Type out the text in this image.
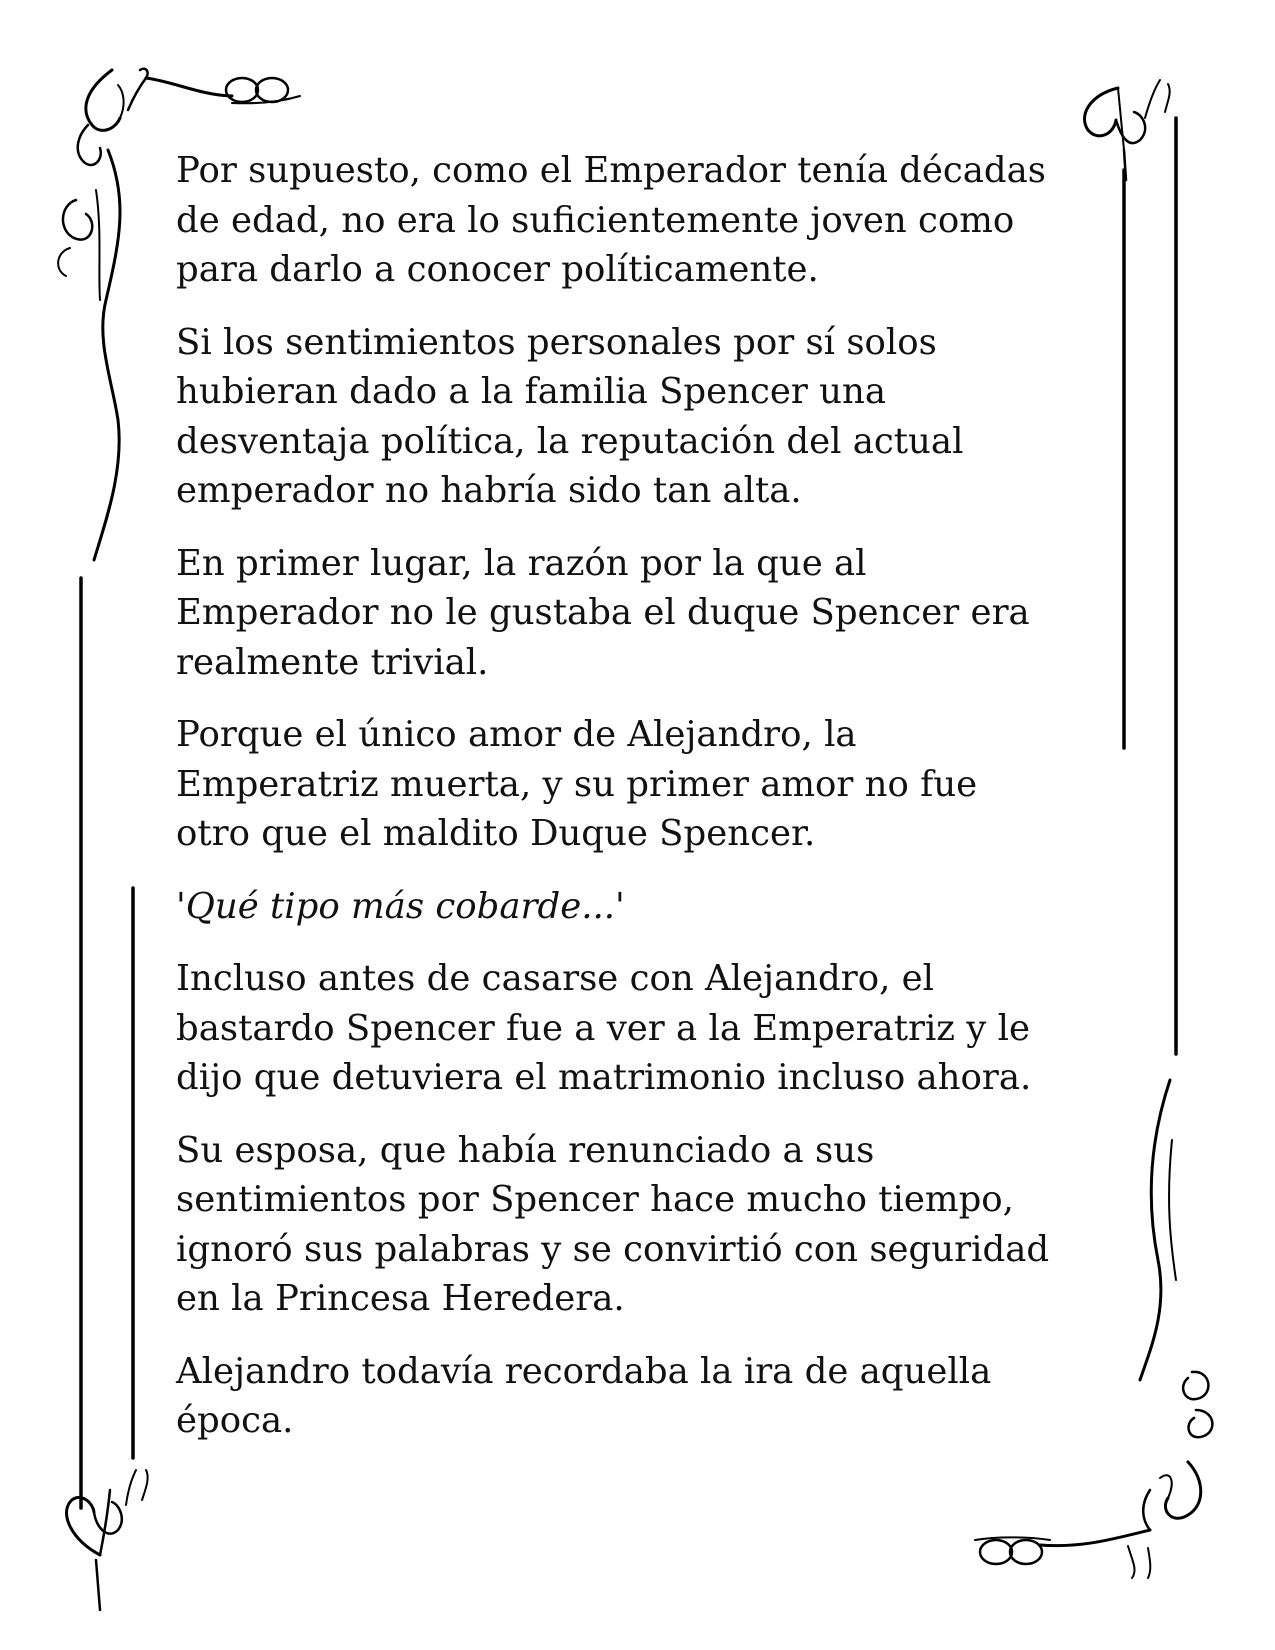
Por supuesto, como el Emperador tenía décadas
de edad, no era lo suficientemente joven como
para darlo a conocer políticamente.

Si los sentimientos personales por sí solos
hubieran dado a la familia Spencer una
desventaja política, la reputación del actual
emperador no habría sido tan alta.

En primer lugar, la razón por la que al
Emperador no le gustaba el duque Spencer era
realmente trivial.

Porque el único amor de Alejandro, la
Emperatriz muerta, y su primer amor no fue
otro que el maldito Duque Spencer.

'Qué tipo más cobarde...'

Incluso antes de casarse con Alejandro, el
bastardo Spencer fue a ver a la Emperatriz y le
dijo que detuviera el matrimonio incluso ahora.

Su esposa, que había renunciado a sus
sentimientos por Spencer hace mucho tiempo,
ignoró sus palabras y se convirtió con seguridad
en la Princesa Heredera.

Alejandro todavía recordaba la ira de aquella
época.
